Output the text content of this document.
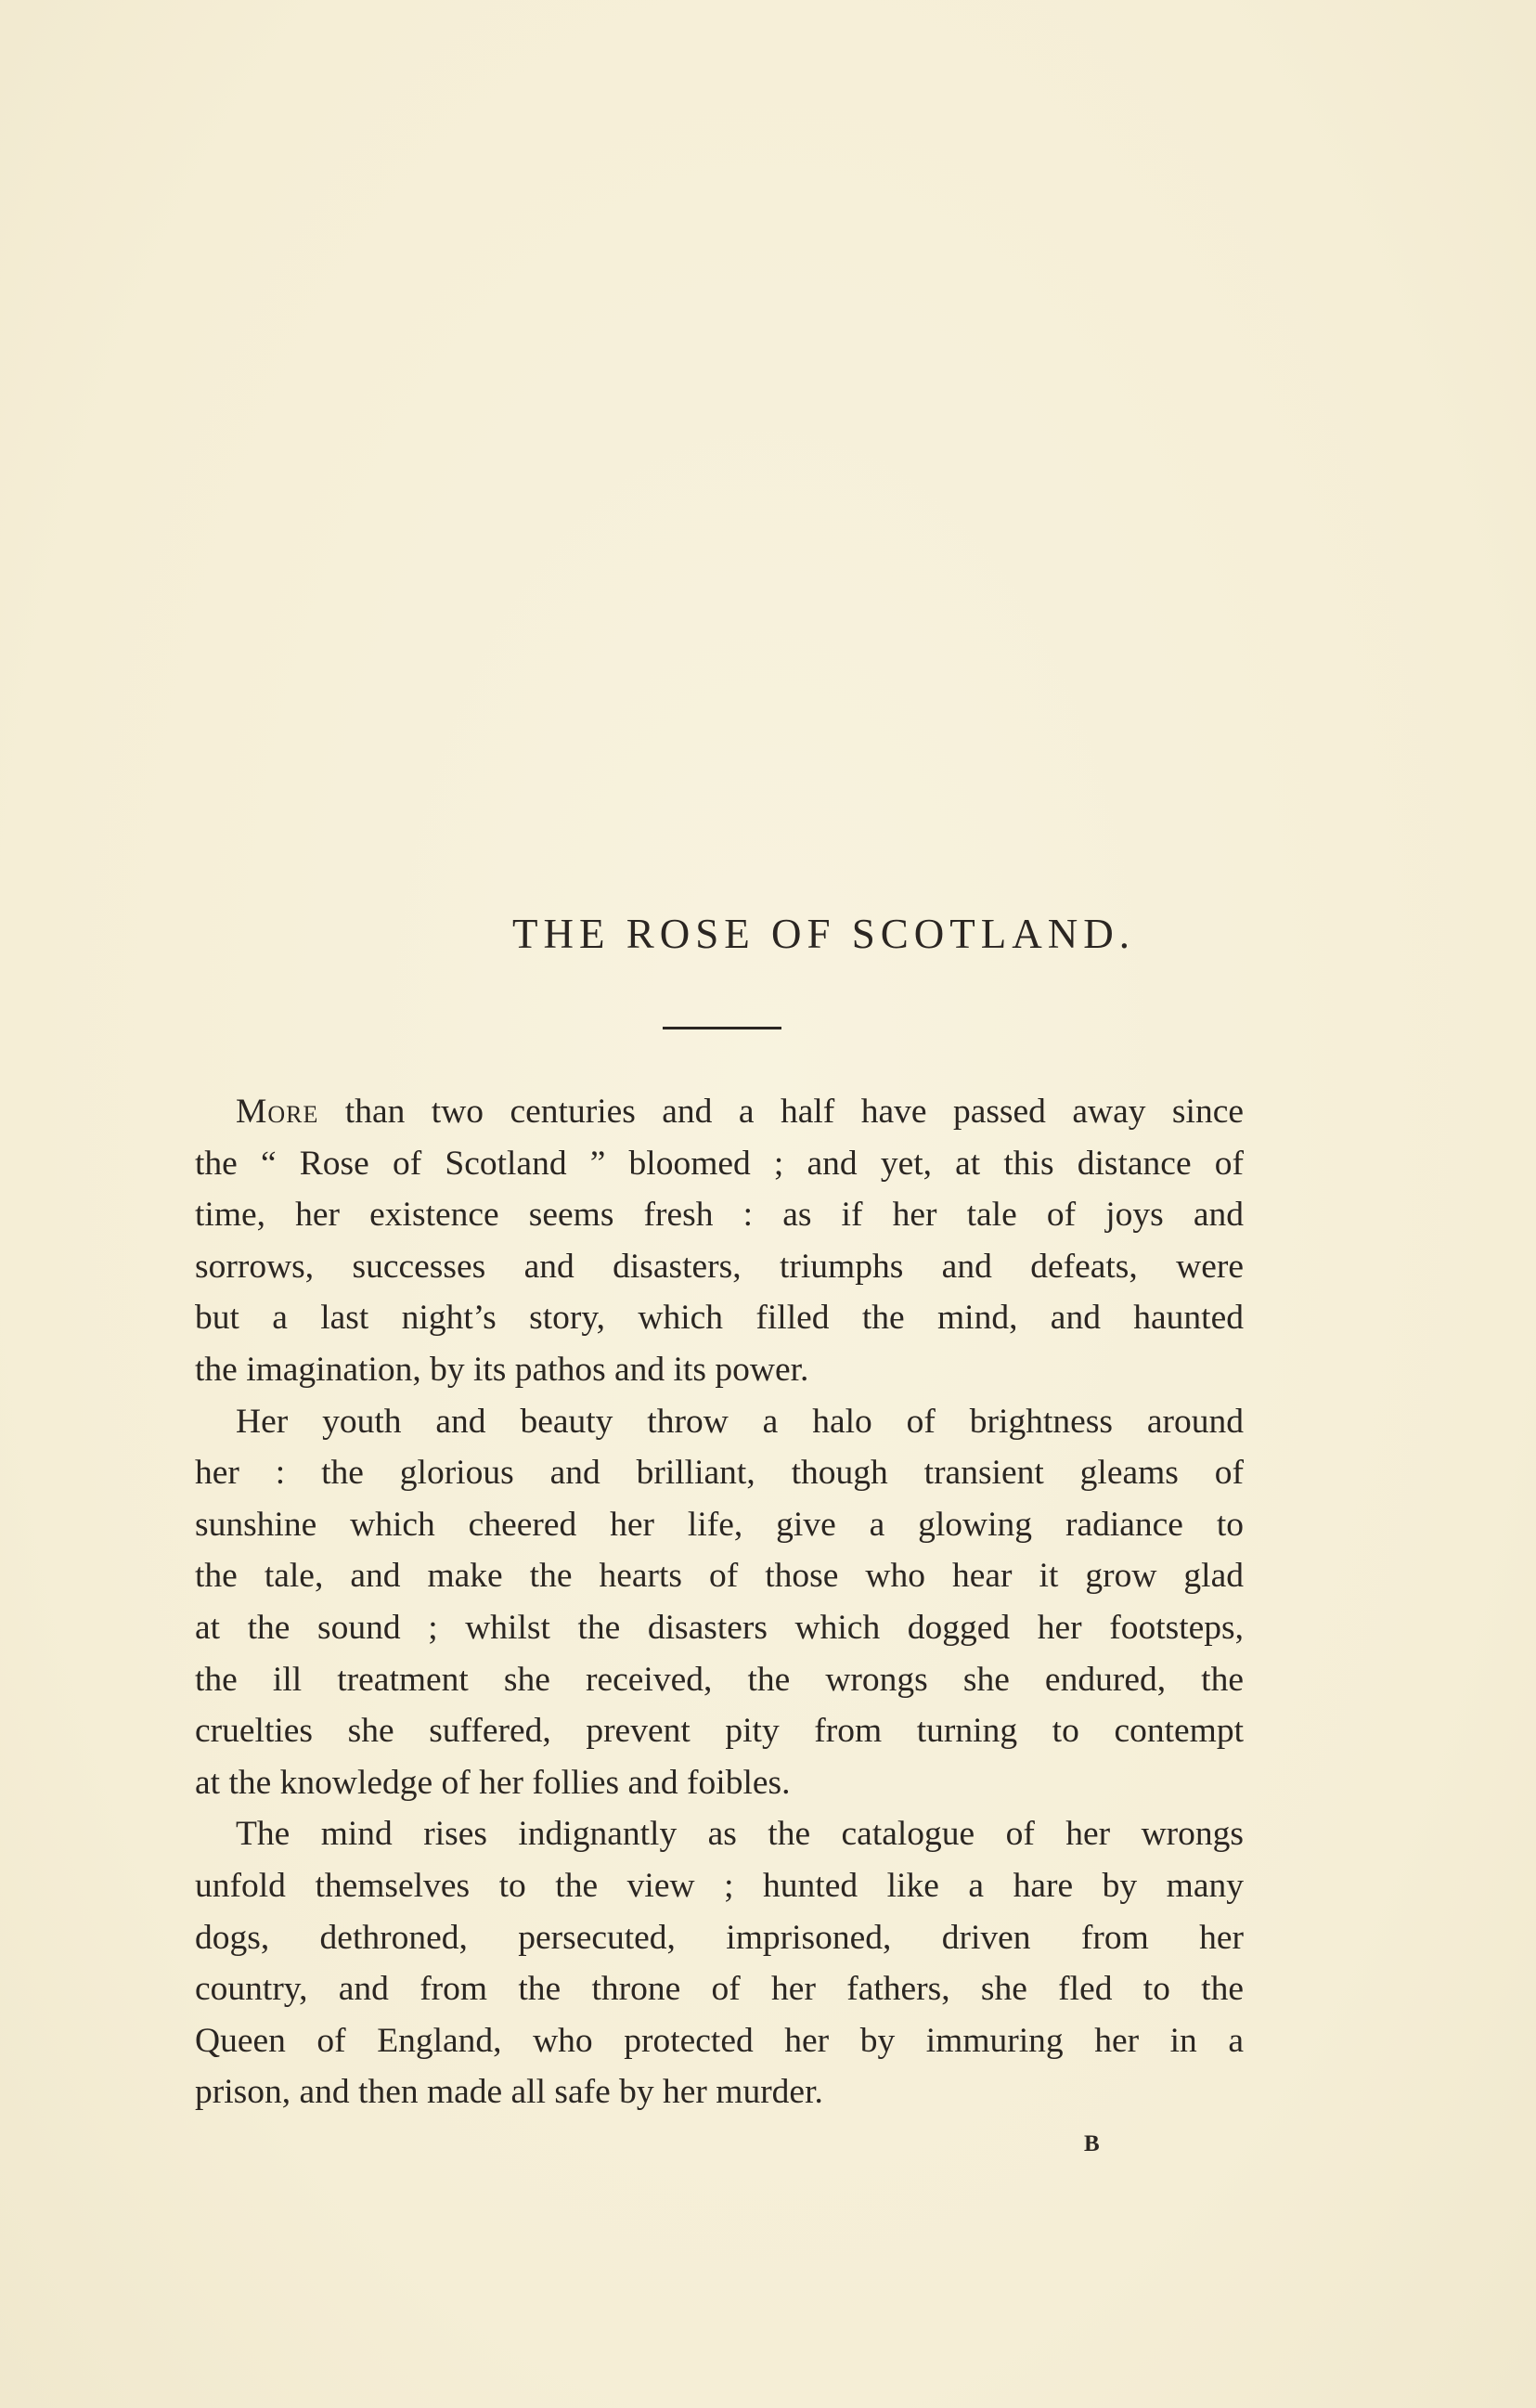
THE ROSE OF SCOTLAND.
More than two centuries and a half have passed away since
the “ Rose of Scotland ” bloomed ; and yet, at this distance of
time, her existence seems fresh : as if her tale of joys and
sorrows, successes and disasters, triumphs and defeats, were
but a last night’s story, which filled the mind, and haunted
the imagination, by its pathos and its power.
Her youth and beauty throw a halo of brightness around
her : the glorious and brilliant, though transient gleams of
sunshine which cheered her life, give a glowing radiance to
the tale, and make the hearts of those who hear it grow glad
at the sound ; whilst the disasters which dogged her footsteps,
the ill treatment she received, the wrongs she endured, the
cruelties she suffered, prevent pity from turning to contempt
at the knowledge of her follies and foibles.
The mind rises indignantly as the catalogue of her wrongs
unfold themselves to the view ; hunted like a hare by many
dogs, dethroned, persecuted, imprisoned, driven from her
country, and from the throne of her fathers, she fled to the
Queen of England, who protected her by immuring her in a
prison, and then made all safe by her murder.
B
